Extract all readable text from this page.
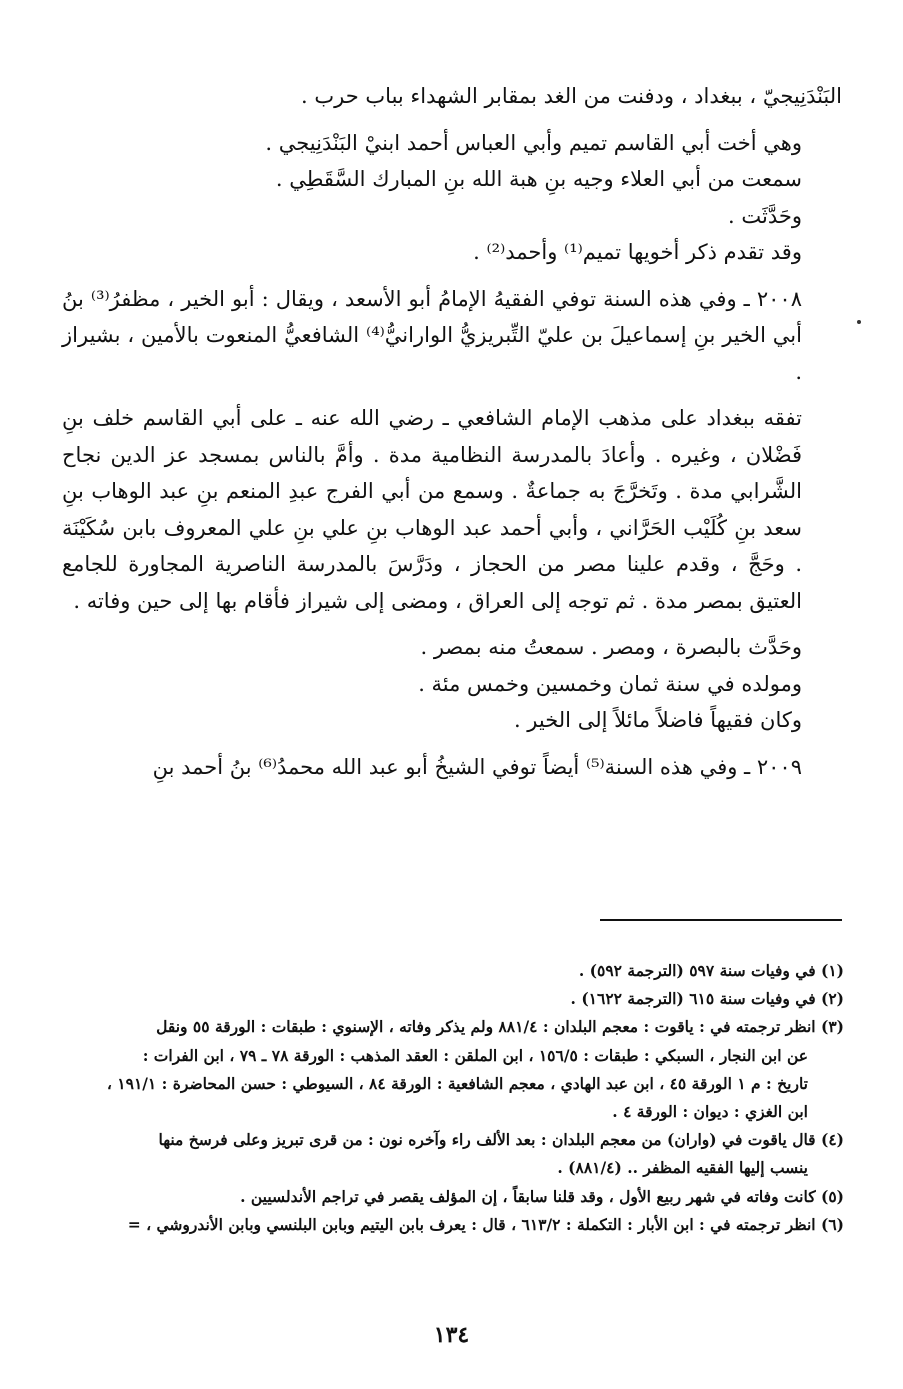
البَنْدَنِيجيّ ، ببغداد ، ودفنت من الغد بمقابر الشهداء بباب حرب .

وهي أخت أبي القاسم تميم وأبي العباس أحمد ابنيْ البَنْدَنِيجي .

سمعت من أبي العلاء وجيه بنِ هبة الله بنِ المبارك السَّقَطِي .

وحَدَّثَت .

وقد تقدم ذكر أخويها تميم⁽¹⁾ وأحمد⁽²⁾ .

٢٠٠٨ ـ وفي هذه السنة توفي الفقيهُ الإمامُ أبو الأسعد ، ويقال : أبو الخير ، مظفرُ⁽³⁾ بنُ أبي الخير بنِ إسماعيلَ بن عليّ التِّبريزيُّ الوارانيُّ⁽⁴⁾ الشافعيُّ المنعوت بالأمين ، بشيراز .

تفقه ببغداد على مذهب الإمام الشافعي ـ رضي الله عنه ـ على أبي القاسم خلف بنِ فَضْلان ، وغيره . وأعادَ بالمدرسة النظامية مدة . وأمَّ بالناس بمسجد عز الدين نجاح الشَّرابي مدة . وتَخرَّجَ به جماعةٌ . وسمع من أبي الفرج عبدِ المنعم بنِ عبد الوهاب بنِ سعد بنِ كُلَيْب الحَرَّاني ، وأبي أحمد عبد الوهاب بنِ علي بنِ علي المعروف بابن سُكَيْنَة . وحَجَّ ، وقدم علينا مصر من الحجاز ، ودَرَّسَ بالمدرسة الناصرية المجاورة للجامع العتيق بمصر مدة . ثم توجه إلى العراق ، ومضى إلى شيراز فأقام بها إلى حين وفاته .

وحَدَّث بالبصرة ، ومصر . سمعتُ منه بمصر .

ومولده في سنة ثمان وخمسين وخمس مئة .

وكان فقيهاً فاضلاً مائلاً إلى الخير .

٢٠٠٩ ـ وفي هذه السنة⁽⁵⁾ أيضاً توفي الشيخُ أبو عبد الله محمدُ⁽⁶⁾ بنُ أحمد بنِ

(١) في وفيات سنة ٥٩٧ (الترجمة ٥٩٢) .

(٢) في وفيات سنة ٦١٥ (الترجمة ١٦٢٢) .

(٣) انظر ترجمته في : ياقوت : معجم البلدان : ٨٨١/٤ ولم يذكر وفاته ، الإسنوي : طبقات : الورقة ٥٥ ونقل

عن ابن النجار ، السبكي : طبقات : ١٥٦/٥ ، ابن الملقن : العقد المذهب : الورقة ٧٨ ـ ٧٩ ، ابن الفرات :

تاريخ : م ١ الورقة ٤٥ ، ابن عبد الهادي ، معجم الشافعية : الورقة ٨٤ ، السيوطي : حسن المحاضرة : ١٩١/١ ،

ابن الغزي : ديوان : الورقة ٤ .

(٤) قال ياقوت في (واران) من معجم البلدان : بعد الألف راء وآخره نون : من قرى تبريز وعلى فرسخ منها

ينسب إليها الفقيه المظفر .. (٨٨١/٤) .

(٥) كانت وفاته في شهر ربيع الأول ، وقد قلنا سابقاً ، إن المؤلف يقصر في تراجم الأندلسيين .

(٦) انظر ترجمته في : ابن الأبار : التكملة : ٦١٣/٢ ، قال : يعرف بابن اليتيم وبابن البلنسي وبابن الأندروشي ، =

١٣٤
